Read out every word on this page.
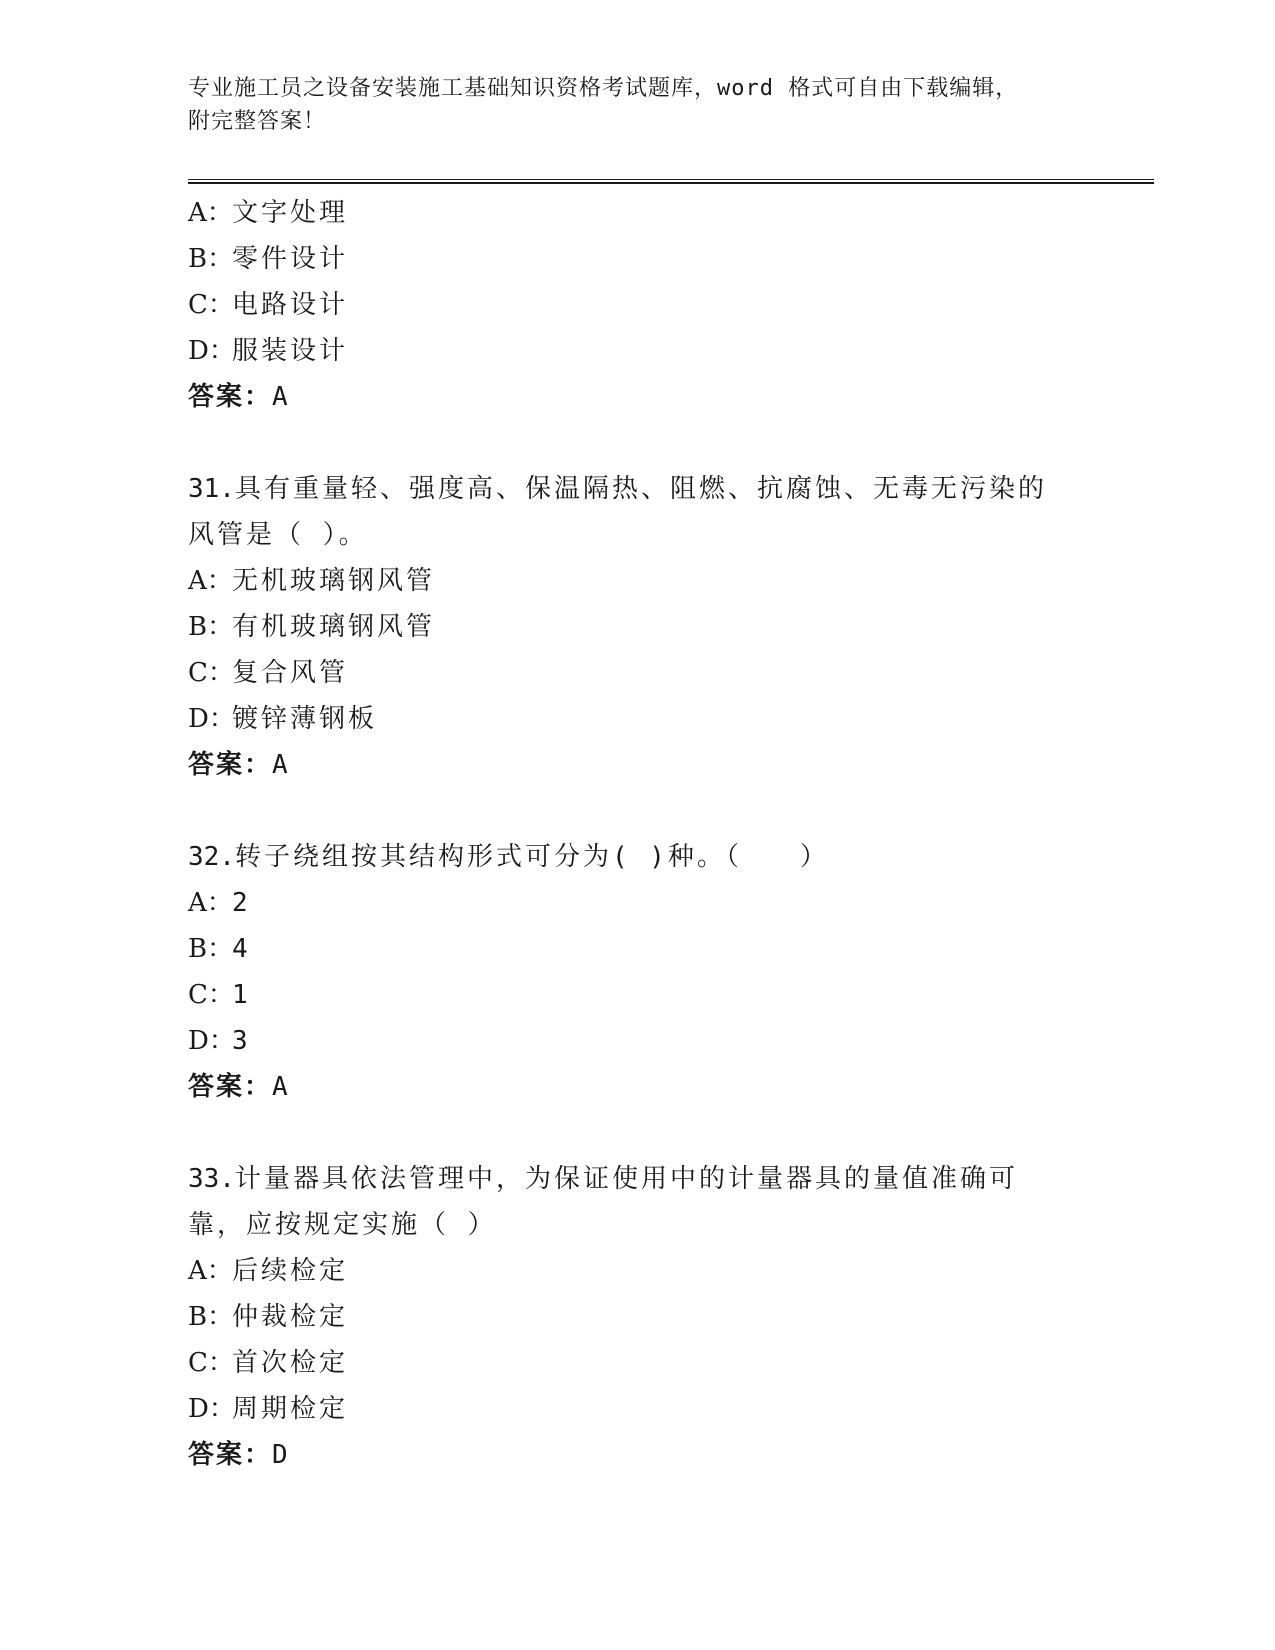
专业施工员之设备安装施工基础知识资格考试题库，word 格式可自由下载编辑，
附完整答案！
A：文字处理
B：零件设计
C：电路设计
D：服装设计
答案：A
31.具有重量轻、强度高、保温隔热、阻燃、抗腐蚀、无毒无污染的风管是（ ）。
A：无机玻璃钢风管
B：有机玻璃钢风管
C：复合风管
D：镀锌薄钢板
答案：A
32.转子绕组按其结构形式可分为( )种。（　　）
A：2
B：4
C：1
D：3
答案：A
33.计量器具依法管理中，为保证使用中的计量器具的量值准确可靠，应按规定实施（ ）
A：后续检定
B：仲裁检定
C：首次检定
D：周期检定
答案：D
